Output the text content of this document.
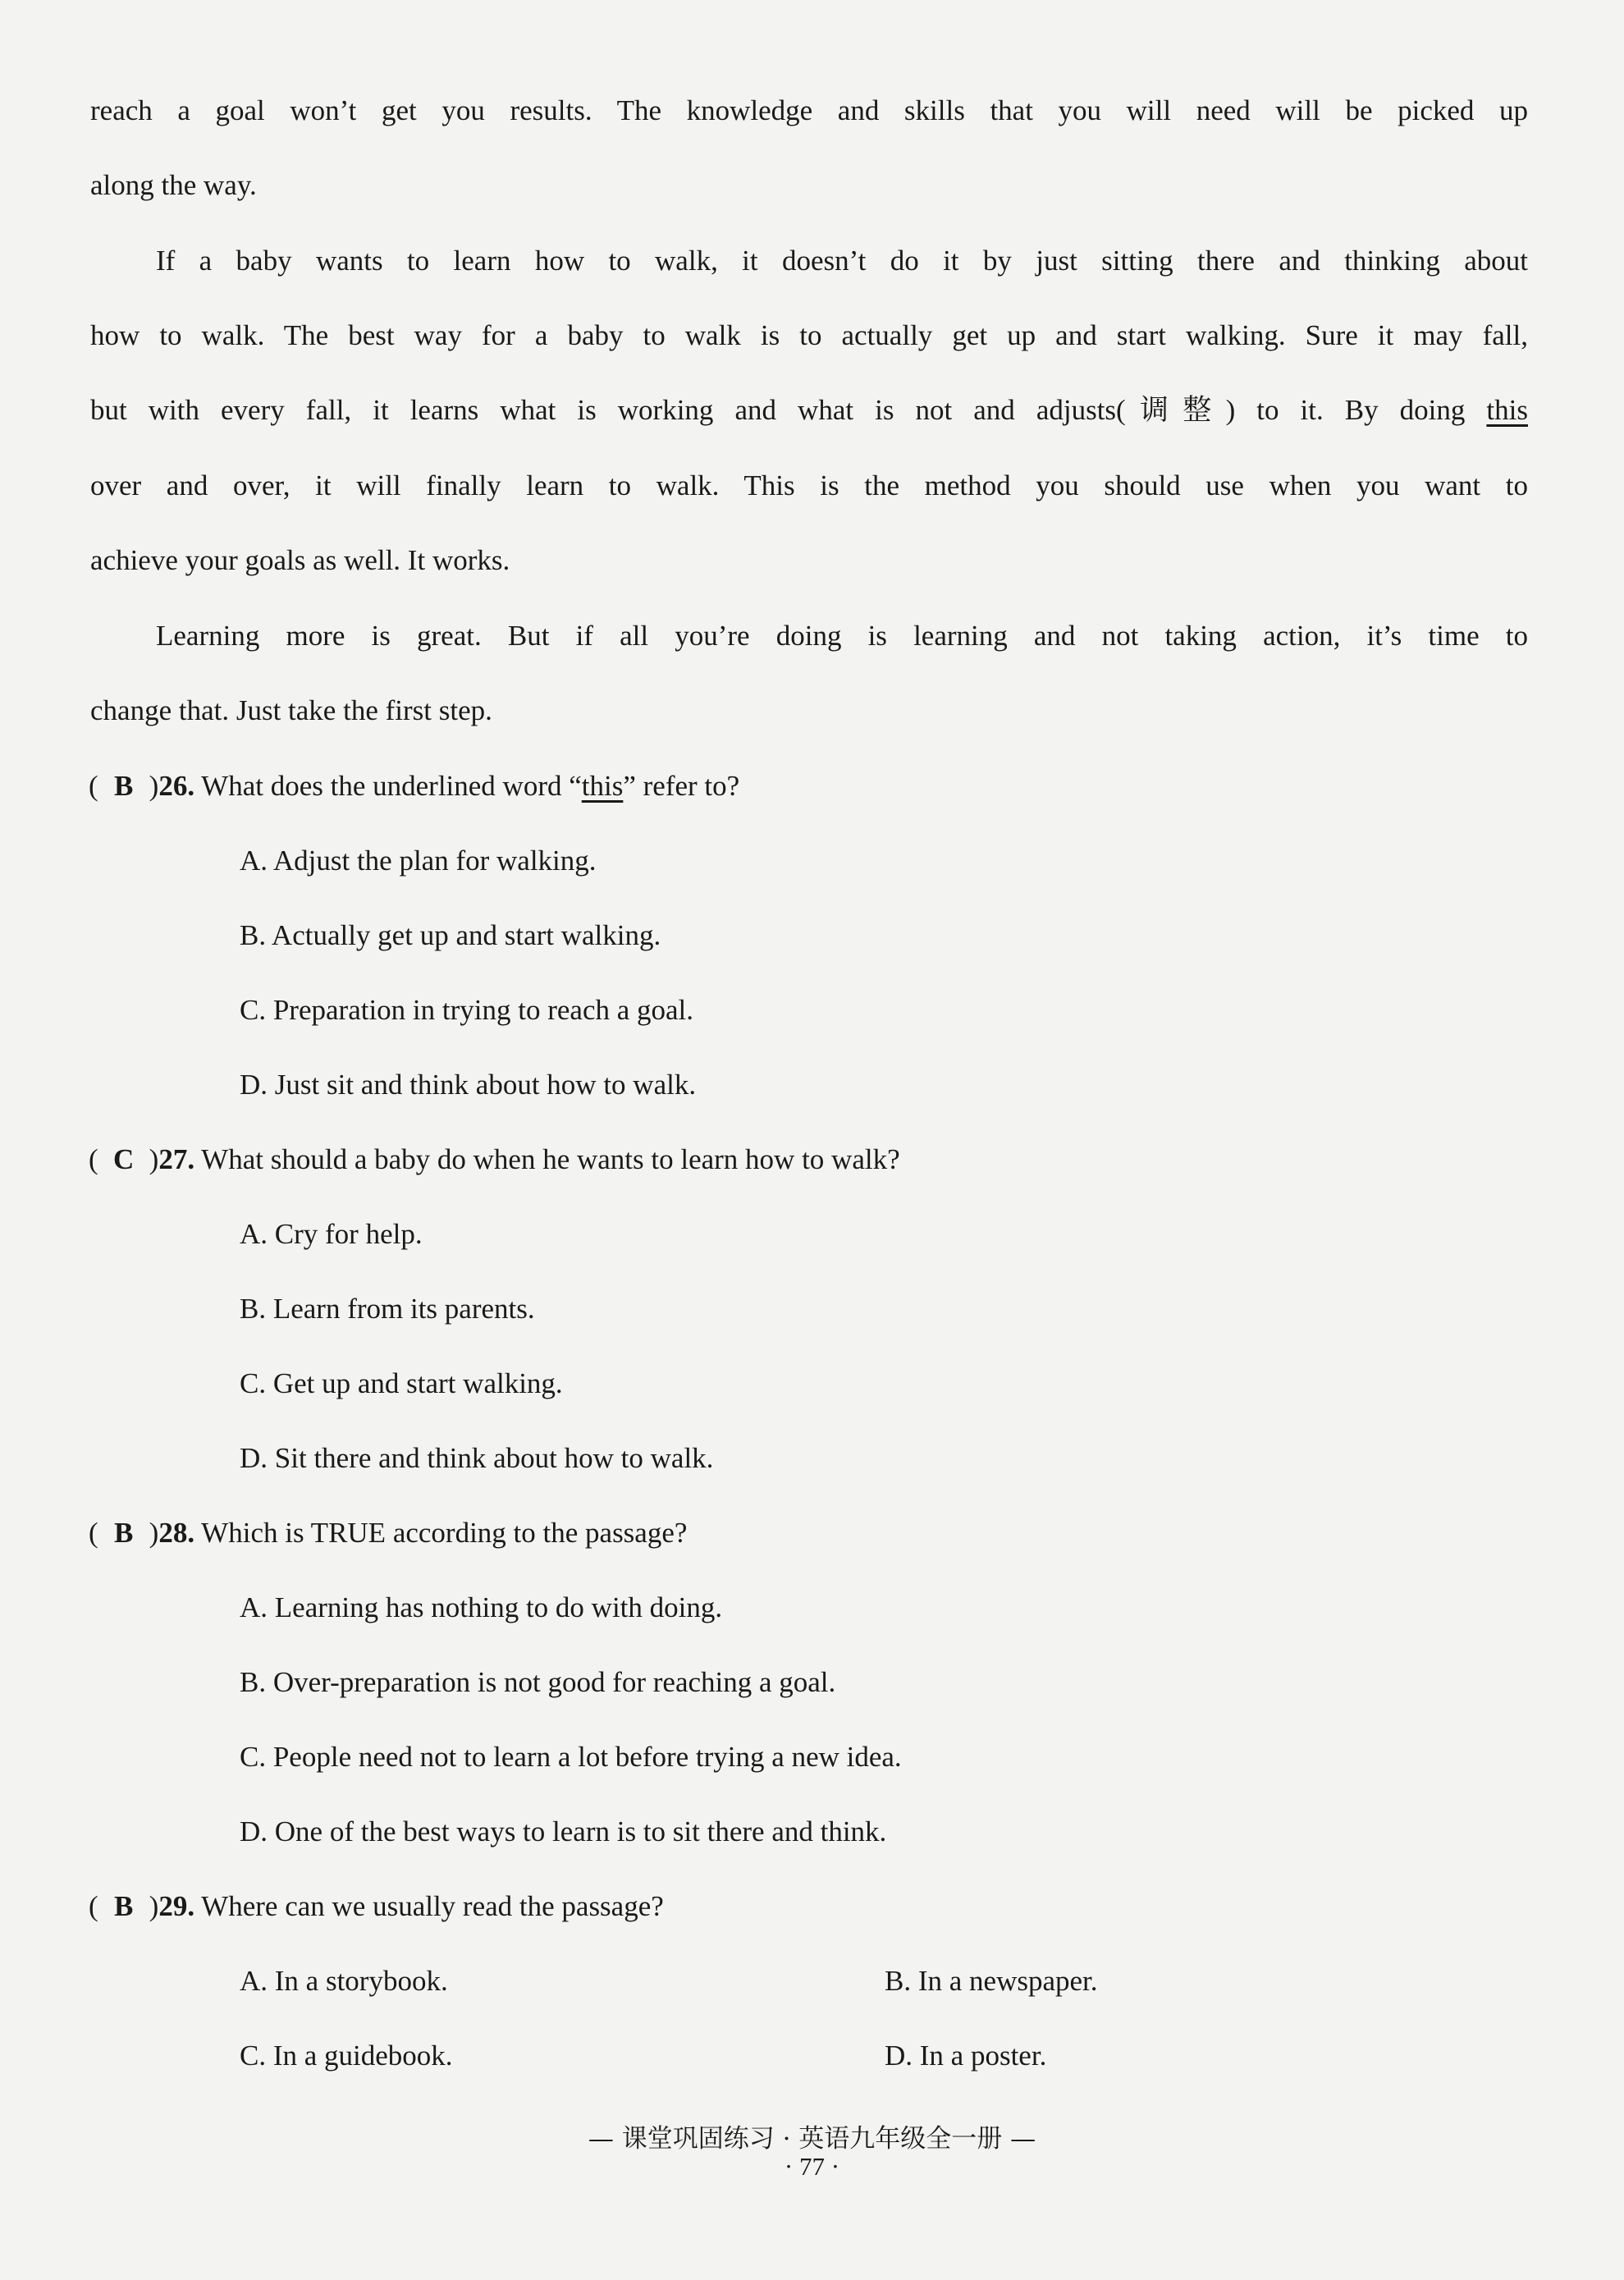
reach a goal won’t get you results. The knowledge and skills that you will need will be picked up
along the way.
If a baby wants to learn how to walk, it doesn’t do it by just sitting there and thinking about
how to walk. The best way for a baby to walk is to actually get up and start walking. Sure it may fall,
but with every fall, it learns what is working and what is not and adjusts(调整) to it. By doing this
over and over, it will finally learn to walk. This is the method you should use when you want to
achieve your goals as well. It works.
Learning more is great. But if all you’re doing is learning and not taking action, it’s time to
change that. Just take the first step.
( B )26. What does the underlined word “this” refer to?
A. Adjust the plan for walking.
B. Actually get up and start walking.
C. Preparation in trying to reach a goal.
D. Just sit and think about how to walk.
( C )27. What should a baby do when he wants to learn how to walk?
A. Cry for help.
B. Learn from its parents.
C. Get up and start walking.
D. Sit there and think about how to walk.
( B )28. Which is TRUE according to the passage?
A. Learning has nothing to do with doing.
B. Over-preparation is not good for reaching a goal.
C. People need not to learn a lot before trying a new idea.
D. One of the best ways to learn is to sit there and think.
( B )29. Where can we usually read the passage?
A. In a storybook.	B. In a newspaper.
C. In a guidebook.	D. In a poster.
— 课堂巩固练习 · 英语九年级全一册 —
· 77 ·
